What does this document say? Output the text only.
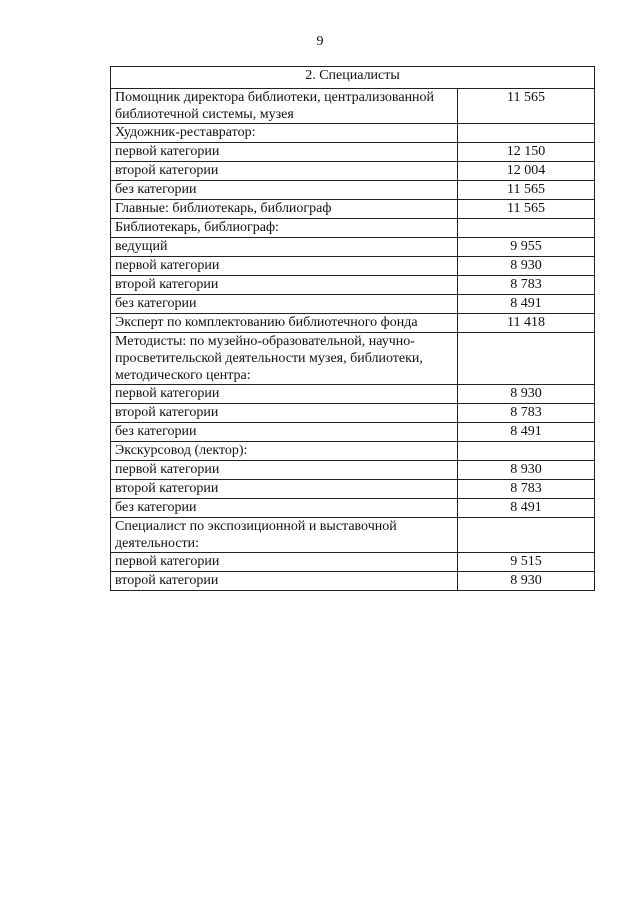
9
2. Специалисты	
Помощник директора библиотеки, централизованной библиотечной системы, музея	11 565
Художник-реставратор:	
первой категории	12 150
второй категории	12 004
без категории	11 565
Главные: библиотекарь, библиограф	11 565
Библиотекарь, библиограф:	
ведущий	9 955
первой категории	8 930
второй категории	8 783
без категории	8 491
Эксперт по комплектованию библиотечного фонда	11 418
Методисты: по музейно-образовательной, научно-просветительской деятельности музея, библиотеки, методического центра:	
первой категории	8 930
второй категории	8 783
без категории	8 491
Экскурсовод (лектор):	
первой категории	8 930
второй категории	8 783
без категории	8 491
Специалист по экспозиционной и выставочной деятельности:	
первой категории	9 515
второй категории	8 930
